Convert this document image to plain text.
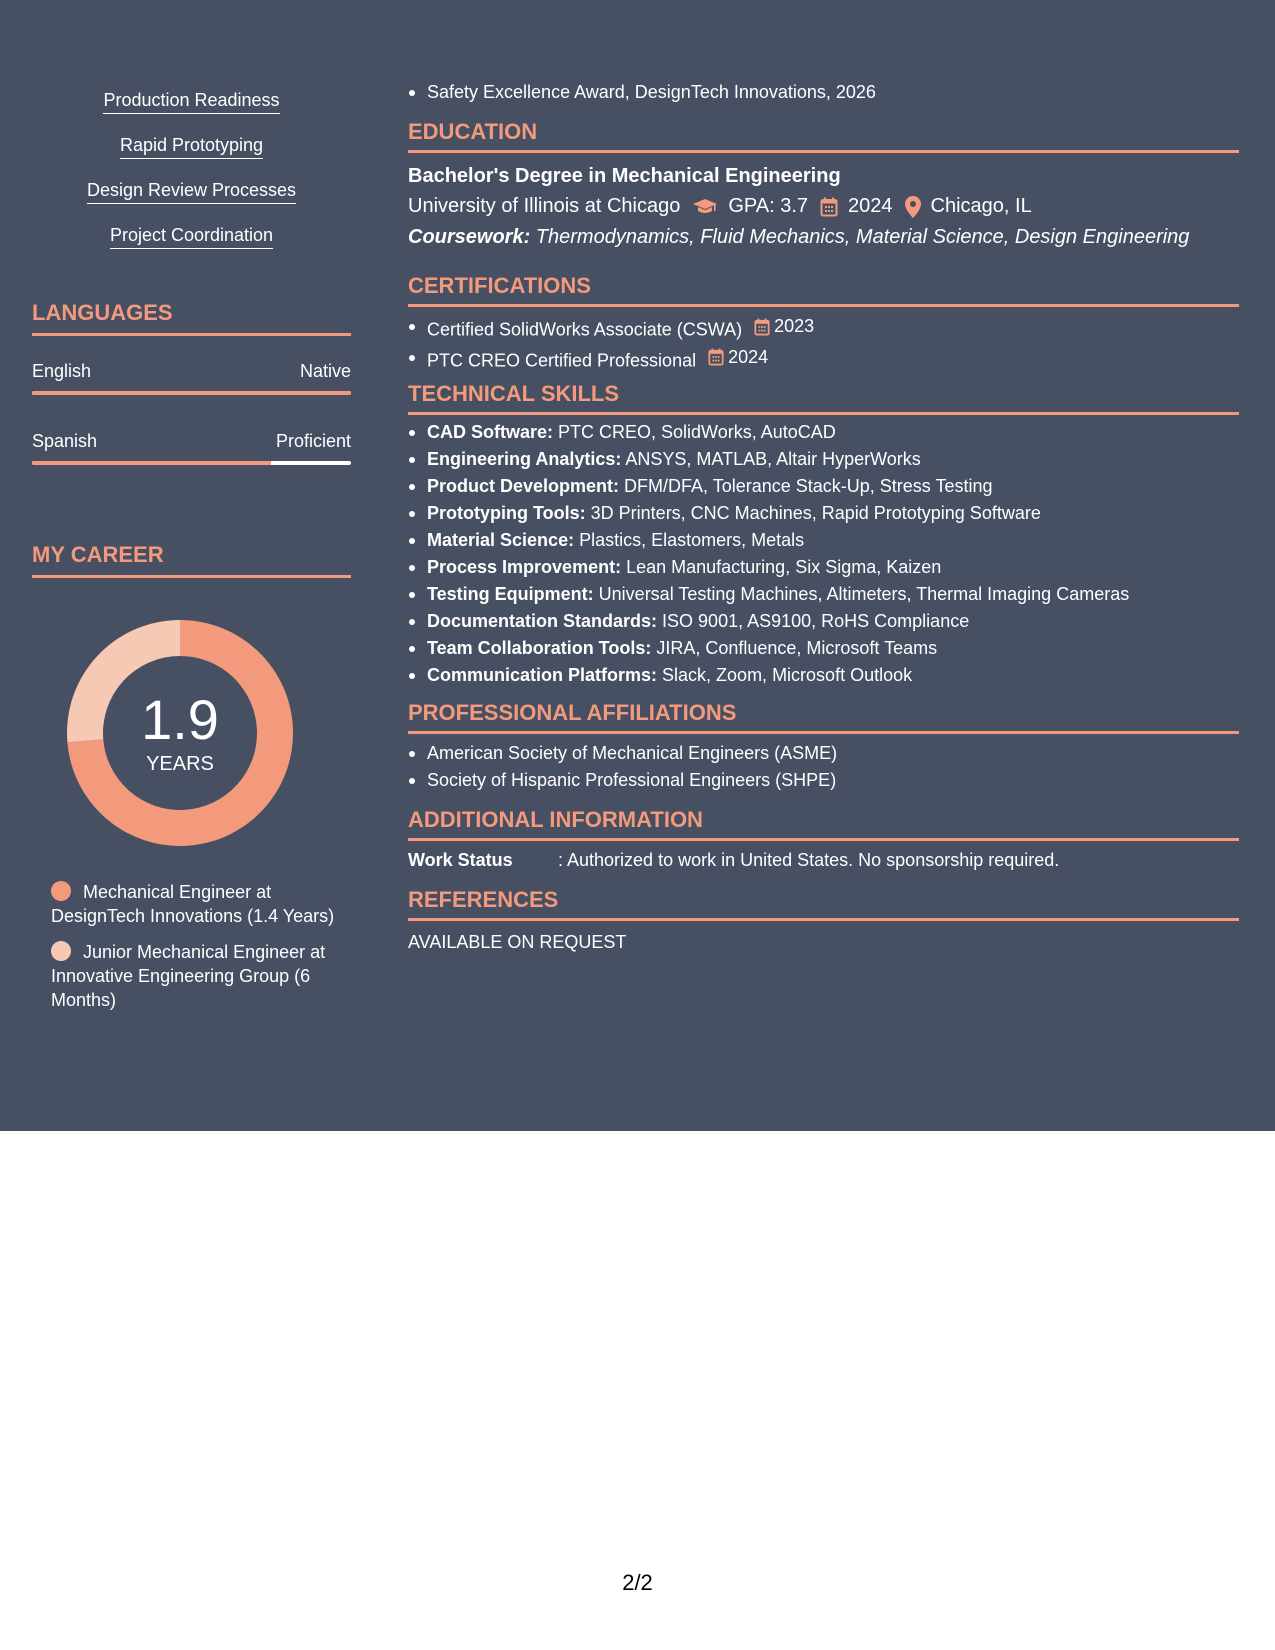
Production Readiness
Rapid Prototyping
Design Review Processes
Project Coordination
LANGUAGES
English	Native
Spanish	Proficient
MY CAREER
1.9
YEARS
Mechanical Engineer at DesignTech Innovations (1.4 Years)
Junior Mechanical Engineer at Innovative Engineering Group (6 Months)
Safety Excellence Award, DesignTech Innovations, 2026
EDUCATION
Bachelor's Degree in Mechanical Engineering
University of Illinois at Chicago GPA: 3.7 2024 Chicago, IL
Coursework: Thermodynamics, Fluid Mechanics, Material Science, Design Engineering
CERTIFICATIONS
Certified SolidWorks Associate (CSWA) 2023
PTC CREO Certified Professional 2024
TECHNICAL SKILLS
CAD Software: PTC CREO, SolidWorks, AutoCAD
Engineering Analytics: ANSYS, MATLAB, Altair HyperWorks
Product Development: DFM/DFA, Tolerance Stack-Up, Stress Testing
Prototyping Tools: 3D Printers, CNC Machines, Rapid Prototyping Software
Material Science: Plastics, Elastomers, Metals
Process Improvement: Lean Manufacturing, Six Sigma, Kaizen
Testing Equipment: Universal Testing Machines, Altimeters, Thermal Imaging Cameras
Documentation Standards: ISO 9001, AS9100, RoHS Compliance
Team Collaboration Tools: JIRA, Confluence, Microsoft Teams
Communication Platforms: Slack, Zoom, Microsoft Outlook
PROFESSIONAL AFFILIATIONS
American Society of Mechanical Engineers (ASME)
Society of Hispanic Professional Engineers (SHPE)
ADDITIONAL INFORMATION
Work Status	: Authorized to work in United States. No sponsorship required.
REFERENCES
AVAILABLE ON REQUEST
2/2
